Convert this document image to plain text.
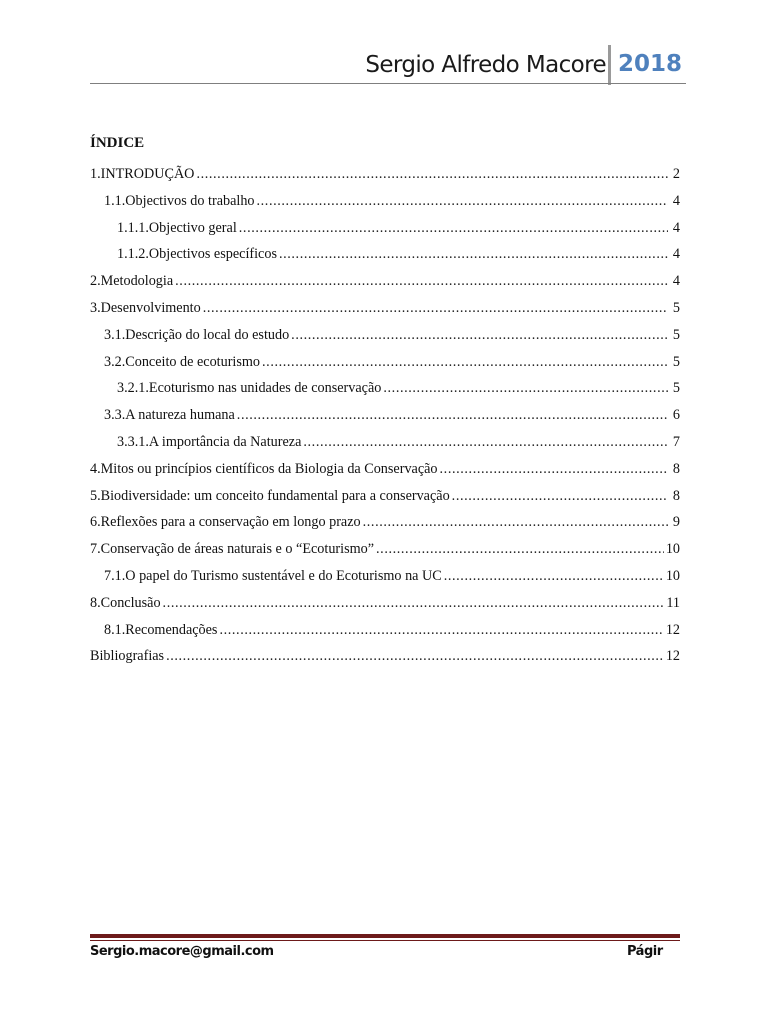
Sergio Alfredo Macore 2018
ÍNDICE
1.INTRODUÇÃO .....	2
1.1.Objectivos do trabalho .....	4
1.1.1.Objectivo geral .....	4
1.1.2.Objectivos específicos .....	4
2.Metodologia .....	4
3.Desenvolvimento .....	5
3.1.Descrição do local do estudo .....	5
3.2.Conceito de ecoturismo .....	5
3.2.1.Ecoturismo nas unidades de conservação .....	5
3.3.A natureza humana .....	6
3.3.1.A importância da Natureza .....	7
4.Mitos ou princípios científicos da Biologia da Conservação .....	8
5.Biodiversidade: um conceito fundamental para a conservação .....	8
6.Reflexões para a conservação em longo prazo .....	9
7.Conservação de áreas naturais e o “Ecoturismo” .....	10
7.1.O papel do Turismo sustentável e do Ecoturismo na UC .....	10
8.Conclusão .....	11
8.1.Recomendações .....	12
Bibliografias .....	12
Sergio.macore@gmail.com	Págir
